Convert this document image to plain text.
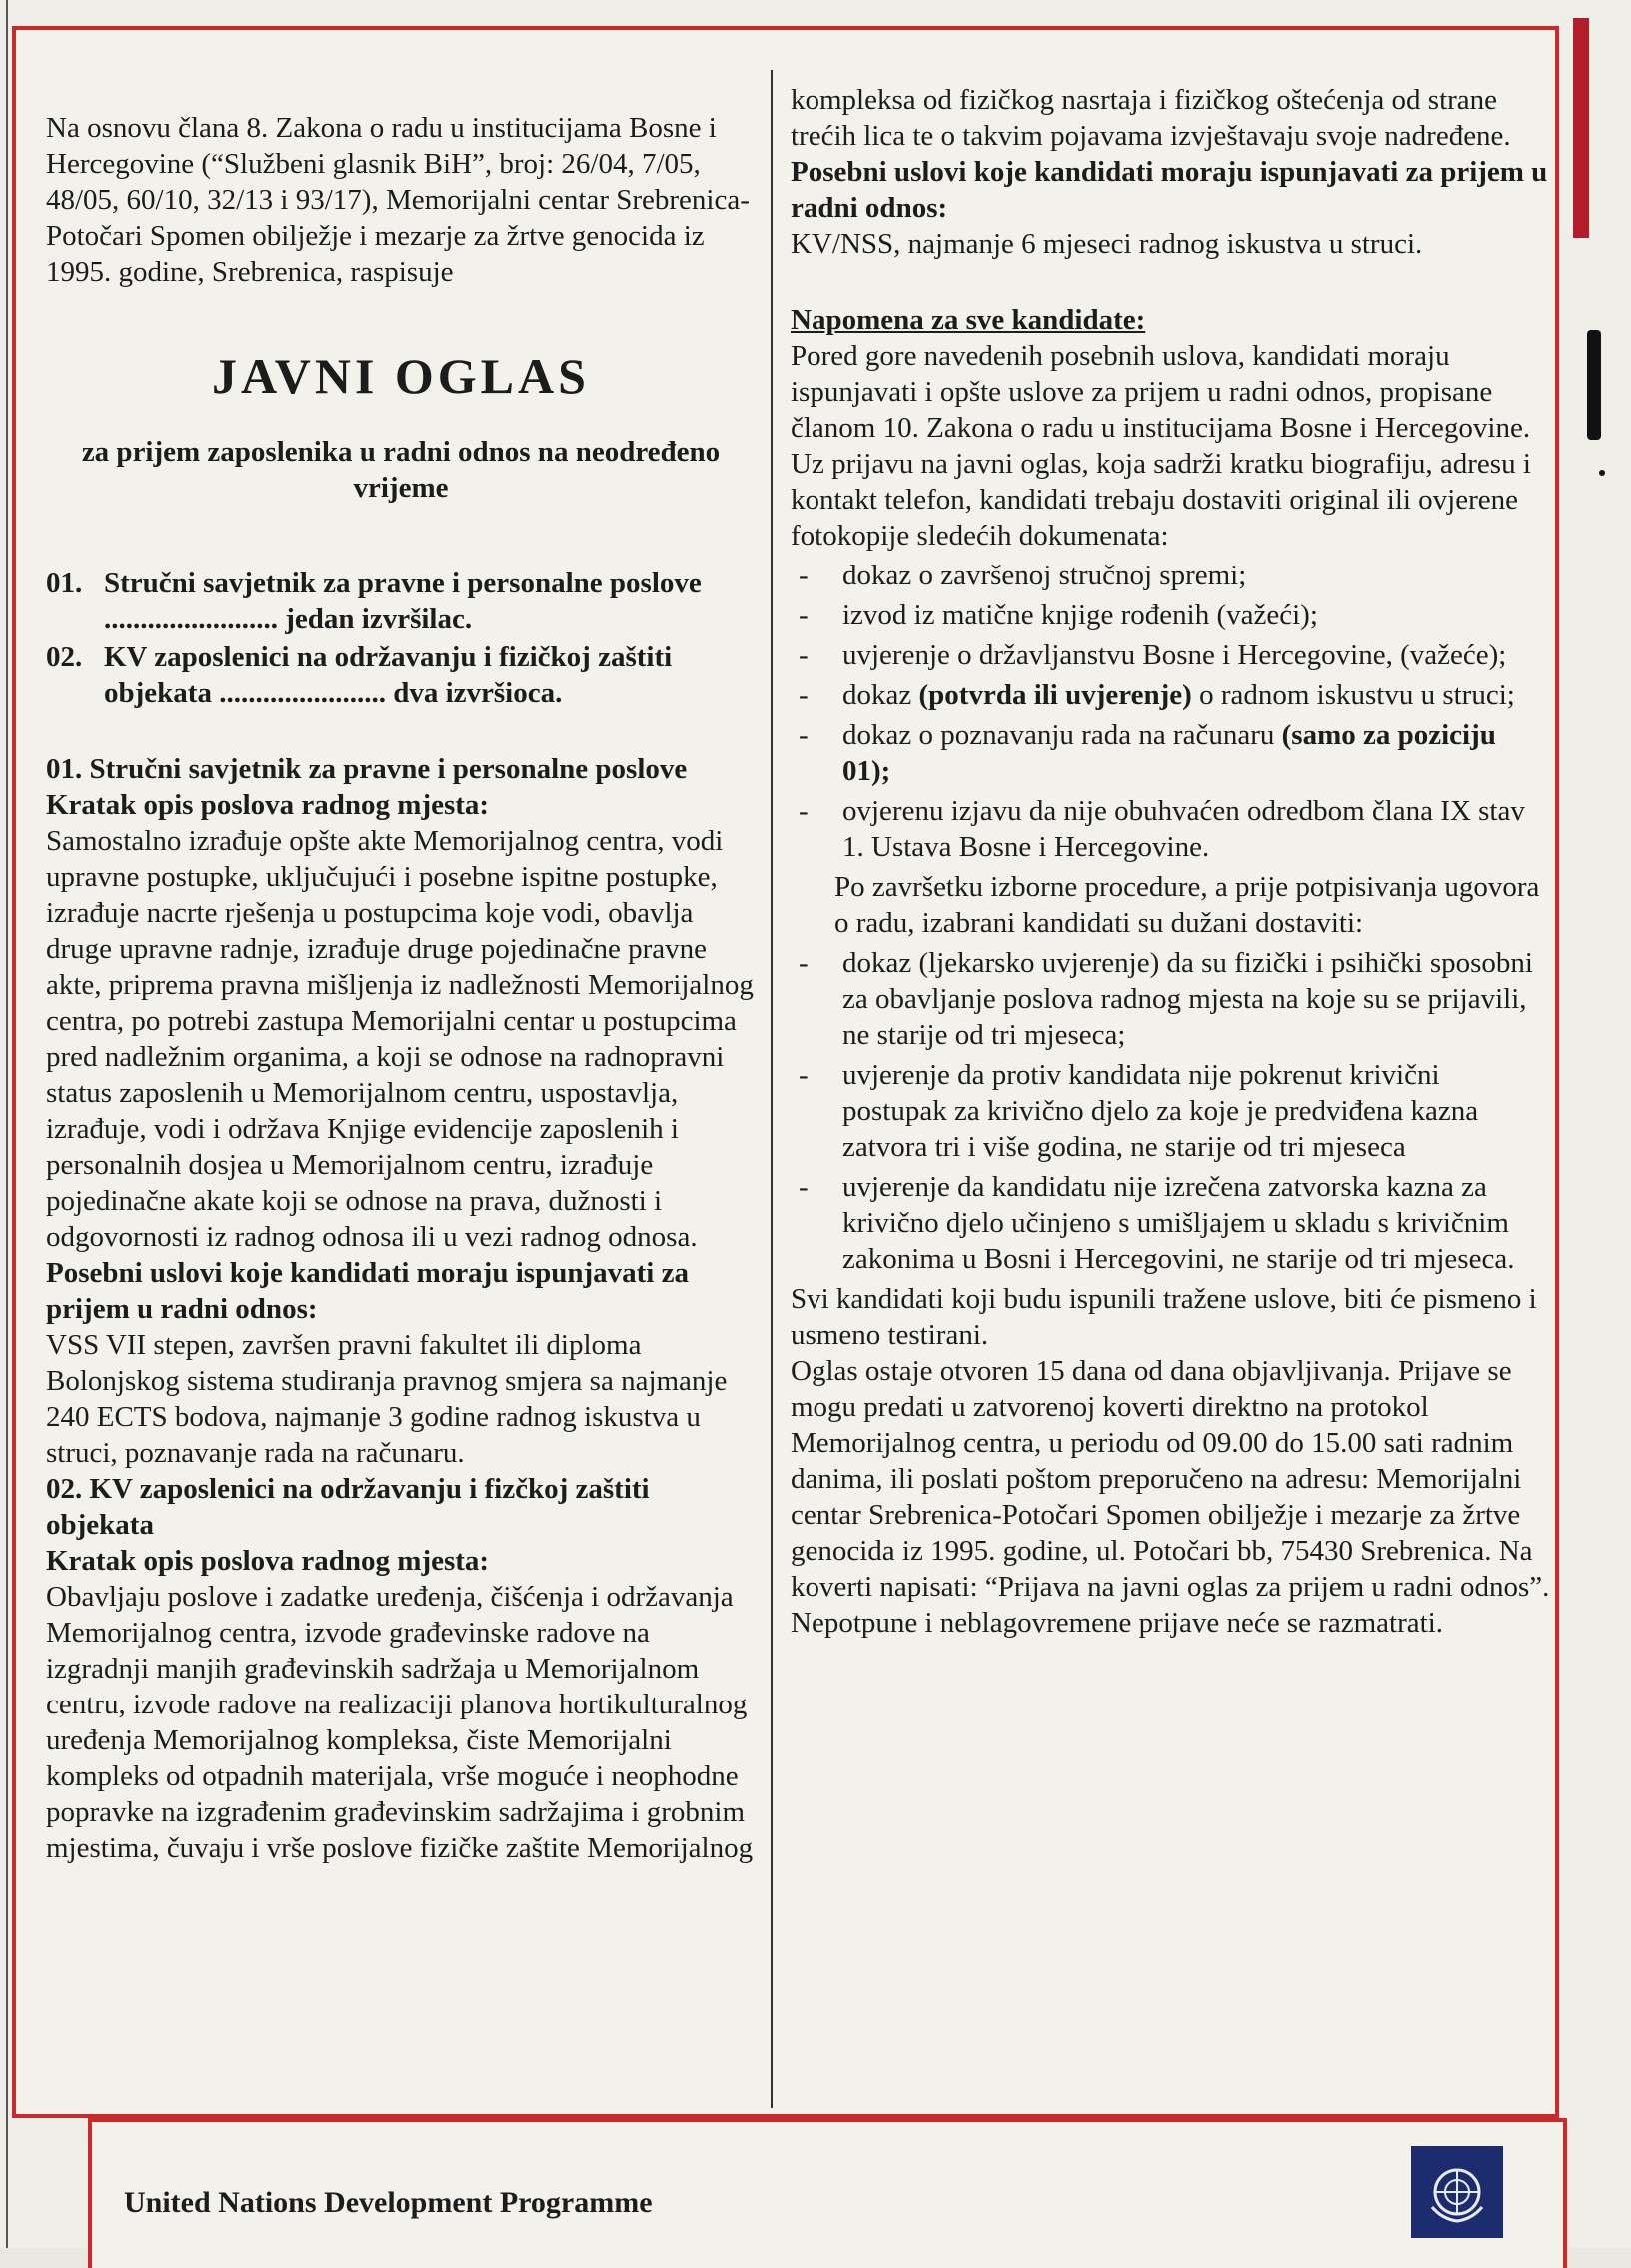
Na osnovu člana 8. Zakona o radu u institucijama Bosne i Hercegovine (“Službeni glasnik BiH”, broj: 26/04, 7/05, 48/05, 60/10, 32/13 i 93/17), Memorijalni centar Srebrenica-Potočari Spomen obilježje i mezarje za žrtve genocida iz 1995. godine, Srebrenica, raspisuje

JAVNI OGLAS
za prijem zaposlenika u radni odnos na neodređeno vrijeme
01. Stručni savjetnik za pravne i personalne poslove ........................ jedan izvršilac.
02. KV zaposlenici na održavanju i fizičkoj zaštiti objekata ....................... dva izvršioca.
01. Stručni savjetnik za pravne i personalne poslove
Kratak opis poslova radnog mjesta:

Samostalno izrađuje opšte akte Memorijalnog centra, vodi upravne postupke, uključujući i posebne ispitne postupke, izrađuje nacrte rješenja u postupcima koje vodi, obavlja druge upravne radnje, izrađuje druge pojedinačne pravne akte, priprema pravna mišljenja iz nadležnosti Memorijalnog centra, po potrebi zastupa Memorijalni centar u postupcima pred nadležnim organima, a koji se odnose na radnopravni status zaposlenih u Memorijalnom centru, uspostavlja, izrađuje, vodi i održava Knjige evidencije zaposlenih i personalnih dosjea u Memorijalnom centru, izrađuje pojedinačne akate koji se odnose na prava, dužnosti i odgovornosti iz radnog odnosa ili u vezi radnog odnosa.

Posebni uslovi koje kandidati moraju ispunjavati za prijem u radni odnos:

VSS VII stepen, završen pravni fakultet ili diploma Bolonjskog sistema studiranja pravnog smjera sa najmanje 240 ECTS bodova, najmanje 3 godine radnog iskustva u struci, poznavanje rada na računaru.

02. KV zaposlenici na održavanju i fizčkoj zaštiti objekata
Kratak opis poslova radnog mjesta:

Obavljaju poslove i zadatke uređenja, čišćenja i održavanja Memorijalnog centra, izvode građevinske radove na izgradnji manjih građevinskih sadržaja u Memorijalnom centru, izvode radove na realizaciji planova hortikulturalnog uređenja Memorijalnog kompleksa, čiste Memorijalni kompleks od otpadnih materijala, vrše moguće i neophodne popravke na izgrađenim građevinskim sadržajima i grobnim mjestima, čuvaju i vrše poslove fizičke zaštite Memorijalnog

kompleksa od fizičkog nasrtaja i fizičkog oštećenja od strane trećih lica te o takvim pojavama izvještavaju svoje nadređene.

Posebni uslovi koje kandidati moraju ispunjavati za prijem u radni odnos:

KV/NSS, najmanje 6 mjeseci radnog iskustva u struci.

Napomena za sve kandidate:

Pored gore navedenih posebnih uslova, kandidati moraju ispunjavati i opšte uslove za prijem u radni odnos, propisane članom 10. Zakona o radu u institucijama Bosne i Hercegovine.

Uz prijavu na javni oglas, koja sadrži kratku biografiju, adresu i kontakt telefon, kandidati trebaju dostaviti original ili ovjerene fotokopije sledećih dokumenata:

-	dokaz o završenoj stručnoj spremi;
-	izvod iz matične knjige rođenih (važeći);
-	uvjerenje o državljanstvu Bosne i Hercegovine, (važeće);
-	dokaz (potvrda ili uvjerenje) o radnom iskustvu u struci;
-	dokaz o poznavanju rada na računaru (samo za poziciju 01);
-	ovjerenu izjavu da nije obuhvaćen odredbom člana IX stav 1. Ustava Bosne i Hercegovine.

Po završetku izborne procedure, a prije potpisivanja ugovora o radu, izabrani kandidati su dužani dostaviti:

-	dokaz (ljekarsko uvjerenje) da su fizički i psihički sposobni za obavljanje poslova radnog mjesta na koje su se prijavili, ne starije od tri mjeseca;
-	uvjerenje da protiv kandidata nije pokrenut krivični postupak za krivično djelo za koje je predviđena kazna zatvora tri i više godina, ne starije od tri mjeseca
-	uvjerenje da kandidatu nije izrečena zatvorska kazna za krivično djelo učinjeno s umišljajem u skladu s krivičnim zakonima u Bosni i Hercegovini, ne starije od tri mjeseca.

Svi kandidati koji budu ispunili tražene uslove, biti će pismeno i usmeno testirani.

Oglas ostaje otvoren 15 dana od dana objavljivanja. Prijave se mogu predati u zatvorenoj koverti direktno na protokol Memorijalnog centra, u periodu od 09.00 do 15.00 sati radnim danima, ili poslati poštom preporučeno na adresu: Memorijalni centar Srebrenica-Potočari Spomen obilježje i mezarje za žrtve genocida iz 1995. godine, ul. Potočari bb, 75430 Srebrenica. Na koverti napisati: “Prijava na javni oglas za prijem u radni odnos”.

Nepotpune i neblagovremene prijave neće se razmatrati.

United Nations Development Programme
